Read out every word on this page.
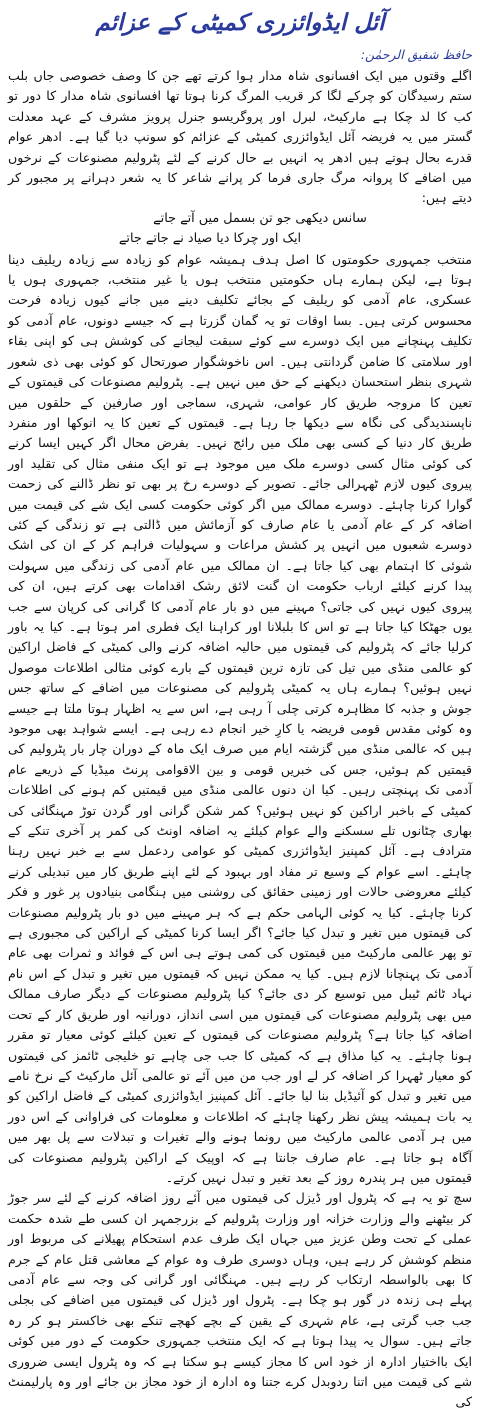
آئل ایڈوائزری کمیٹی کے عزائم

حافظ شفیق الرحمٰن:

اگلے وقتوں میں ایک افسانوی شاہ مدار ہوا کرتے تھے جن کا وصف خصوصی جاں بلب ستم رسیدگان کو چرکے لگا کر قریب المرگ کرنا ہوتا تھا افسانوی شاہ مدار کا دور تو کب کا لد چکا ہے مارکیٹ، لبرل اور پروگریسو جنرل پرویز مشرف کے عہد معدلت گستر میں یہ فریضہ آئل ایڈوائزری کمیٹی کے عزائم کو سونپ دیا گیا ہے۔ ادھر عوام قدرے بحال ہوتے ہیں ادھر یہ انہیں بے حال کرنے کے لئے پٹرولیم مصنوعات کے نرخوں میں اضافے کا پروانہ مرگ جاری فرما کر پرانے شاعر کا یہ شعر دہرانے پر مجبور کر دیتے ہیں:

سانس دیکھی جو تن بسمل میں آتے جاتے
ایک اور چرکا دیا صیاد نے جاتے جاتے

منتخب جمہوری حکومتوں کا اصل ہدف ہمیشہ عوام کو زیادہ سے زیادہ ریلیف دینا ہوتا ہے، لیکن ہمارے ہاں حکومتیں منتخب ہوں یا غیر منتخب، جمہوری ہوں یا عسکری، عام آدمی کو ریلیف کے بجائے تکلیف دینے میں جانے کیوں زیادہ فرحت محسوس کرتی ہیں۔ بسا اوقات تو یہ گمان گزرتا ہے کہ جیسے دونوں، عام آدمی کو تکلیف پہنچانے میں ایک دوسرے سے کوئے سبقت لیجانے کی کوشش ہی کو اپنی بقاء اور سلامتی کا ضامن گردانتی ہیں۔ اس ناخوشگوار صورتحال کو کوئی بھی ذی شعور شہری بنظر استحسان دیکھنے کے حق میں نہیں ہے۔ پٹرولیم مصنوعات کی قیمتوں کے تعین کا مروجہ طریق کار عوامی، شہری، سماجی اور صارفین کے حلقوں میں ناپسندیدگی کی نگاہ سے دیکھا جا رہا ہے۔ قیمتوں کے تعین کا یہ انوکھا اور منفرد طریق کار دنیا کے کسی بھی ملک میں رائج نہیں۔ بفرض محال اگر کہیں ایسا کرنے کی کوئی مثال کسی دوسرے ملک میں موجود ہے تو ایک منفی مثال کی تقلید اور پیروی کیوں لازم ٹھہرالی جائے۔ تصویر کے دوسرے رخ پر بھی تو نظر ڈالنے کی زحمت گوارا کرنا چاہئے۔ دوسرے ممالک میں اگر کوئی حکومت کسی ایک شے کی قیمت میں اضافہ کر کے عام آدمی یا عام صارف کو آزمائش میں ڈالتی ہے تو زندگی کے کئی دوسرے شعبوں میں انہیں پر کشش مراعات و سہولیات فراہم کر کے ان کی اشک شوئی کا اہتمام بھی کیا جاتا ہے۔ ان ممالک میں عام آدمی کی زندگی میں سہولت پیدا کرنے کیلئے ارباب حکومت ان گنت لائق رشک اقدامات بھی کرتے ہیں، ان کی پیروی کیوں نہیں کی جاتی؟ مہینے میں دو بار عام آدمی کا گرانی کی کرپان سے جب یوں جھٹکا کیا جاتا ہے تو اس کا بلبلانا اور کراہنا ایک فطری امر ہوتا ہے۔ کیا یہ باور کرلیا جائے کہ پٹرولیم کی قیمتوں میں حالیہ اضافہ کرنے والی کمیٹی کے فاضل اراکین کو عالمی منڈی میں تیل کی تازہ ترین قیمتوں کے بارے کوئی مثالی اطلاعات موصول نہیں ہوئیں؟ ہمارے ہاں یہ کمیٹی پٹرولیم کی مصنوعات میں اضافے کے ساتھ جس جوش و جذبہ کا مظاہرہ کرتی چلی آ رہی ہے، اس سے یہ اظہار ہوتا ملتا ہے جیسے وہ کوئی مقدس قومی فریضہ یا کارِ خیر انجام دے رہی ہے۔ ایسے شواہد بھی موجود ہیں کہ عالمی منڈی میں گزشتہ ایام میں صرف ایک ماہ کے دوران چار بار پٹرولیم کی قیمتیں کم ہوئیں، جس کی خبریں قومی و بین الاقوامی پرنٹ میڈیا کے ذریعے عام آدمی تک پہنچتی رہیں۔ کیا ان دنوں عالمی منڈی میں قیمتیں کم ہونے کی اطلاعات کمیٹی کے باخبر اراکین کو نہیں ہوئیں؟ کمر شکن گرانی اور گردن توڑ مہنگائی کی بھاری چٹانوں تلے سسکنے والے عوام کیلئے یہ اضافہ اونٹ کی کمر پر آخری تنکے کے مترادف ہے۔ آئل کمپنیز ایڈوائزری کمیٹی کو عوامی ردعمل سے بے خبر نہیں رہنا چاہئے۔ اسے عوام کے وسیع تر مفاد اور بہبود کے لئے اپنے طریق کار میں تبدیلی کرنے کیلئے معروضی حالات اور زمینی حقائق کی روشنی میں ہنگامی بنیادوں پر غور و فکر کرنا چاہئے۔ کیا یہ کوئی الہامی حکم ہے کہ ہر مہینے میں دو بار پٹرولیم مصنوعات کی قیمتوں میں تغیر و تبدل کیا جائے؟ اگر ایسا کرنا کمیٹی کے اراکین کی مجبوری ہے تو پھر عالمی مارکیٹ میں قیمتوں کی کمی ہوتے ہی اس کے فوائد و ثمرات بھی عام آدمی تک پہنچانا لازم ہیں۔ کیا یہ ممکن نہیں کہ قیمتوں میں تغیر و تبدل کے اس نام نہاد ٹائم ٹیبل میں توسیع کر دی جائے؟ کیا پٹرولیم مصنوعات کے دیگر صارف ممالک میں بھی پٹرولیم مصنوعات کی قیمتوں میں اسی انداز، دورانیہ اور طریق کار کے تحت اضافہ کیا جاتا ہے؟ پٹرولیم مصنوعات کی قیمتوں کے تعین کیلئے کوئی معیار تو مقرر ہونا چاہئے۔ یہ کیا مذاق ہے کہ کمیٹی کا جب جی چاہے تو خلیجی ٹائمز کی قیمتوں کو معیار ٹھہرا کر اضافہ کر لے اور جب من میں آئے تو عالمی آئل مارکیٹ کے نرخ نامے میں تغیر و تبدل کو آئیڈیل بنا لیا جائے۔ آئل کمپنیز ایڈوائزری کمیٹی کے فاضل اراکین کو یہ بات ہمیشہ پیش نظر رکھنا چاہئے کہ اطلاعات و معلومات کی فراوانی کے اس دور میں ہر آدمی عالمی مارکیٹ میں رونما ہونے والے تغیرات و تبدلات سے پل بھر میں آگاہ ہو جاتا ہے۔ عام صارف جانتا ہے کہ اوپیک کے اراکین پٹرولیم مصنوعات کی قیمتوں میں ہر پندرہ روز کے بعد تغیر و تبدل نہیں کرتے۔

سچ تو یہ ہے کہ پٹرول اور ڈیزل کی قیمتوں میں آئے روز اضافہ کرنے کے لئے سر جوڑ کر بیٹھنے والے وزارت خزانہ اور وزارت پٹرولیم کے بزرجمہر ان کسی طے شدہ حکمت عملی کے تحت وطن عزیز میں جہاں ایک طرف عدم استحکام پھیلانے کی مربوط اور منظم کوشش کر رہے ہیں، وہاں دوسری طرف وہ عوام کے معاشی قتل عام کے جرم کا بھی بالواسطہ ارتکاب کر رہے ہیں۔ مہنگائی اور گرانی کی وجہ سے عام آدمی پہلے ہی زندہ در گور ہو چکا ہے۔ پٹرول اور ڈیزل کی قیمتوں میں اضافے کی بجلی جب جب گرتی ہے، عام شہری کے یقین کے بچے کھچے تنکے بھی خاکستر ہو کر رہ جاتے ہیں۔ سوال یہ پیدا ہوتا ہے کہ ایک منتخب جمہوری حکومت کے دور میں کوئی ایک بااختیار ادارہ از خود اس کا مجاز کیسے ہو سکتا ہے کہ وہ پٹرول ایسی ضروری شے کی قیمت میں اتنا ردوبدل کرے جتنا وہ ادارہ از خود مجاز بن جائے اور وہ پارلیمنٹ کی
